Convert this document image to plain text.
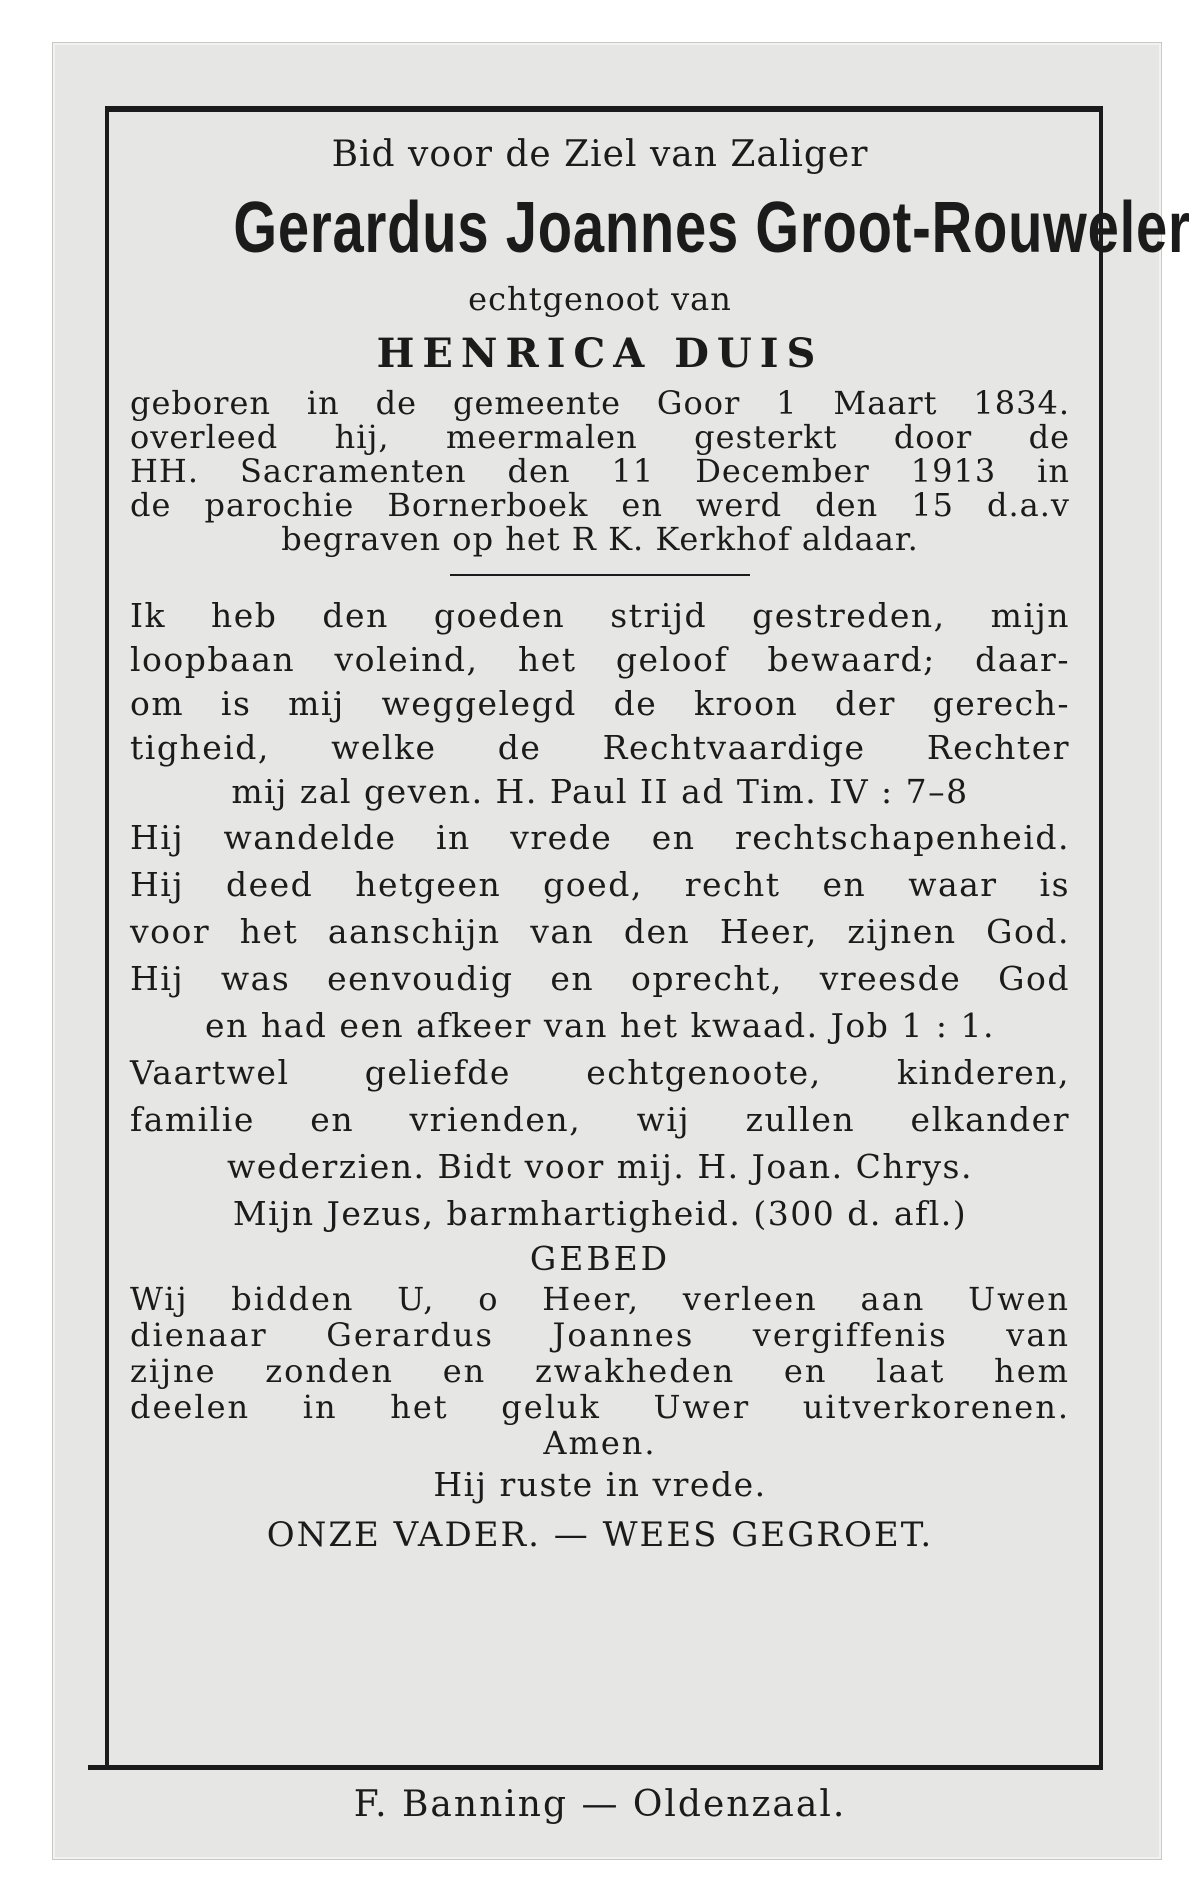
Bid voor de Ziel van Zaliger
Gerardus Joannes Groot-Rouweler
echtgenoot van
HENRICA DUIS
geboren in de gemeente Goor 1 Maart 1834.
overleed hij, meermalen gesterkt door de
HH. Sacramenten den 11 December 1913 in
de parochie Bornerboek en werd den 15 d.a.v
begraven op het R K. Kerkhof aldaar.
Ik heb den goeden strijd gestreden, mijn
loopbaan voleind, het geloof bewaard; daar-
om is mij weggelegd de kroon der gerech-
tigheid, welke de Rechtvaardige Rechter
mij zal geven. H. Paul II ad Tim. IV : 7–8
Hij wandelde in vrede en rechtschapenheid.
Hij deed hetgeen goed, recht en waar is
voor het aanschijn van den Heer, zijnen God.
Hij was eenvoudig en oprecht, vreesde God
en had een afkeer van het kwaad. Job 1 : 1.
Vaartwel geliefde echtgenoote, kinderen,
familie en vrienden, wij zullen elkander
wederzien. Bidt voor mij. H. Joan. Chrys.
Mijn Jezus, barmhartigheid. (300 d. afl.)
GEBED
Wij bidden U, o Heer, verleen aan Uwen
dienaar Gerardus Joannes vergiffenis van
zijne zonden en zwakheden en laat hem
deelen in het geluk Uwer uitverkorenen.
Amen.
Hij ruste in vrede.
ONZE VADER. — WEES GEGROET.
F. Banning — Oldenzaal.
